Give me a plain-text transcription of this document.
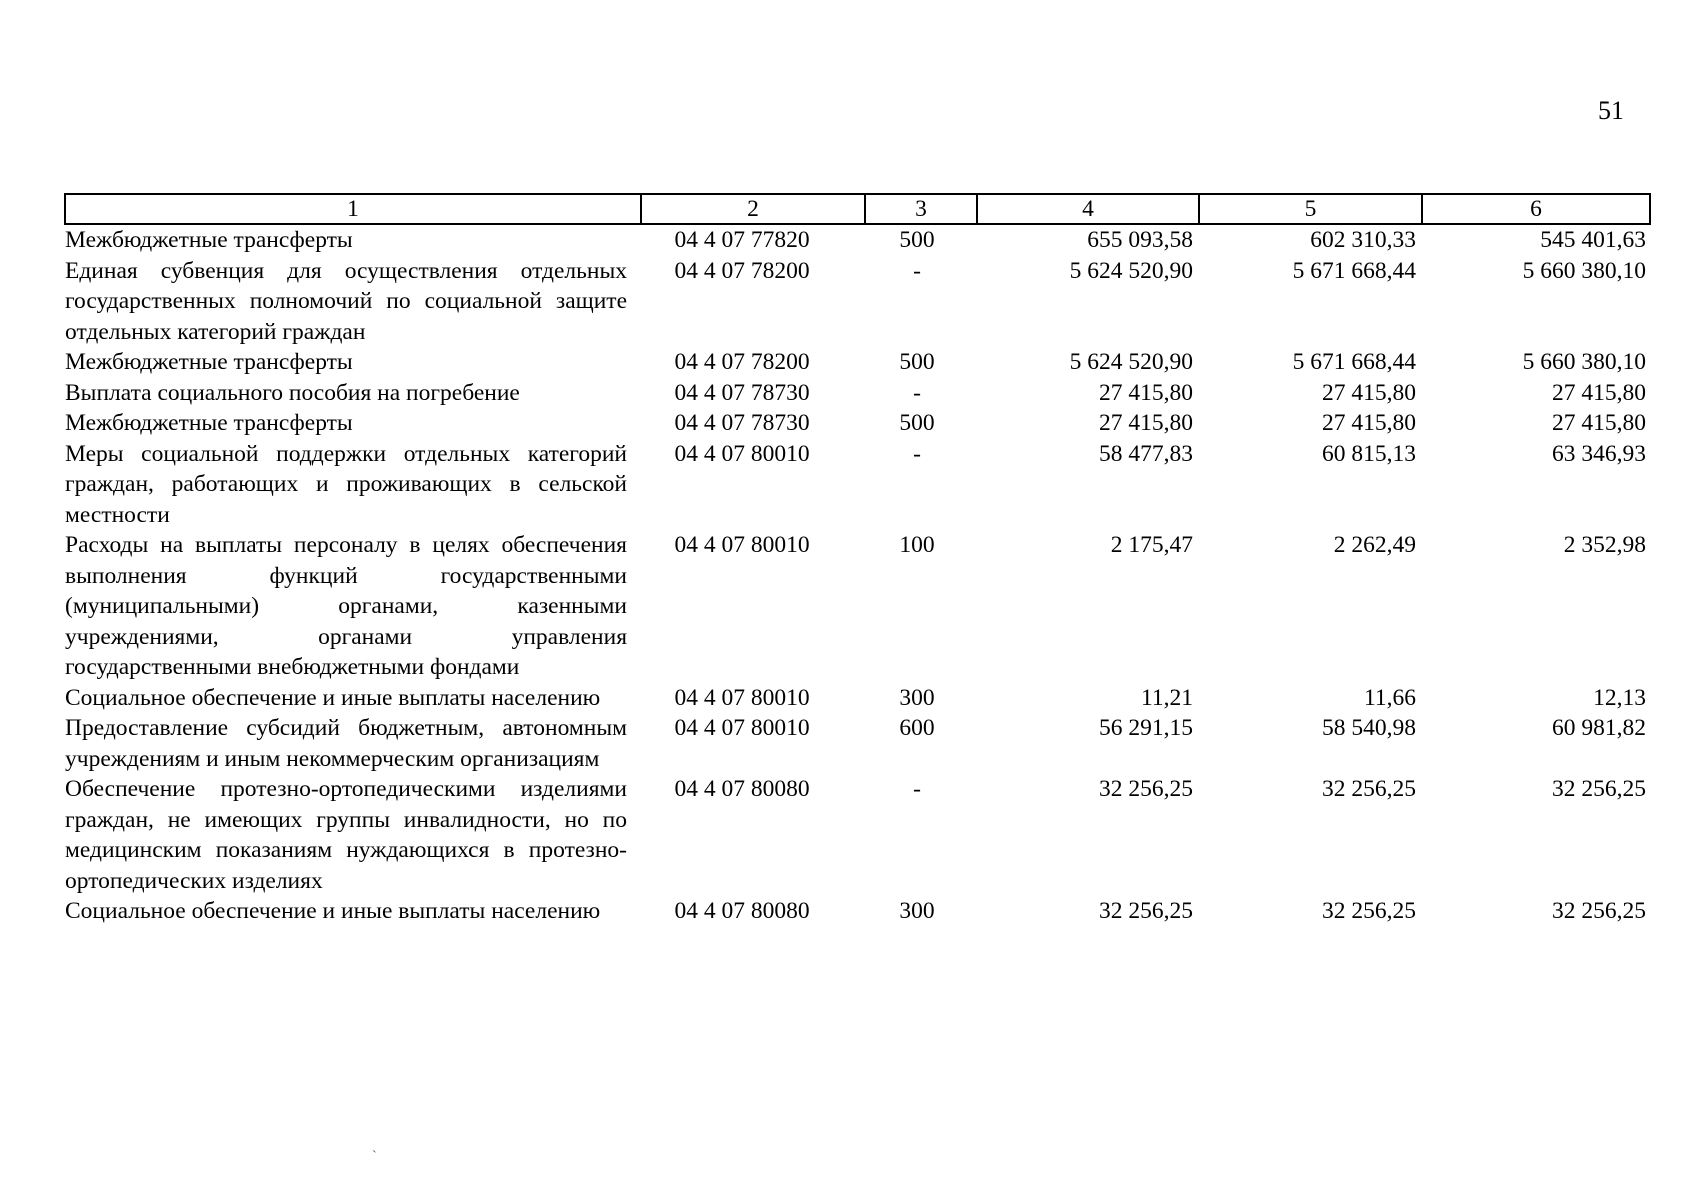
51
1	2	3	4	5	6
Межбюджетные трансферты	04 4 07 77820	500	655 093,58	602 310,33	545 401,63
Единая субвенция для осуществления отдельных государственных полномочий по социальной защите отдельных категорий граждан	04 4 07 78200	-	5 624 520,90	5 671 668,44	5 660 380,10
Межбюджетные трансферты	04 4 07 78200	500	5 624 520,90	5 671 668,44	5 660 380,10
Выплата социального пособия на погребение	04 4 07 78730	-	27 415,80	27 415,80	27 415,80
Межбюджетные трансферты	04 4 07 78730	500	27 415,80	27 415,80	27 415,80
Меры социальной поддержки отдельных категорий граждан, работающих и проживающих в сельской местности	04 4 07 80010	-	58 477,83	60 815,13	63 346,93
Расходы на выплаты персоналу в целях обеспечения выполнения функций государственными (муниципальными) органами, казенными учреждениями, органами управления государственными внебюджетными фондами	04 4 07 80010	100	2 175,47	2 262,49	2 352,98
Социальное обеспечение и иные выплаты населению	04 4 07 80010	300	11,21	11,66	12,13
Предоставление субсидий бюджетным, автономным учреждениям и иным некоммерческим организациям	04 4 07 80010	600	56 291,15	58 540,98	60 981,82
Обеспечение протезно-ортопедическими изделиями граждан, не имеющих группы инвалидности, но по медицинским показаниям нуждающихся в протезно-ортопедических изделиях	04 4 07 80080	-	32 256,25	32 256,25	32 256,25
Социальное обеспечение и иные выплаты населению	04 4 07 80080	300	32 256,25	32 256,25	32 256,25
`
